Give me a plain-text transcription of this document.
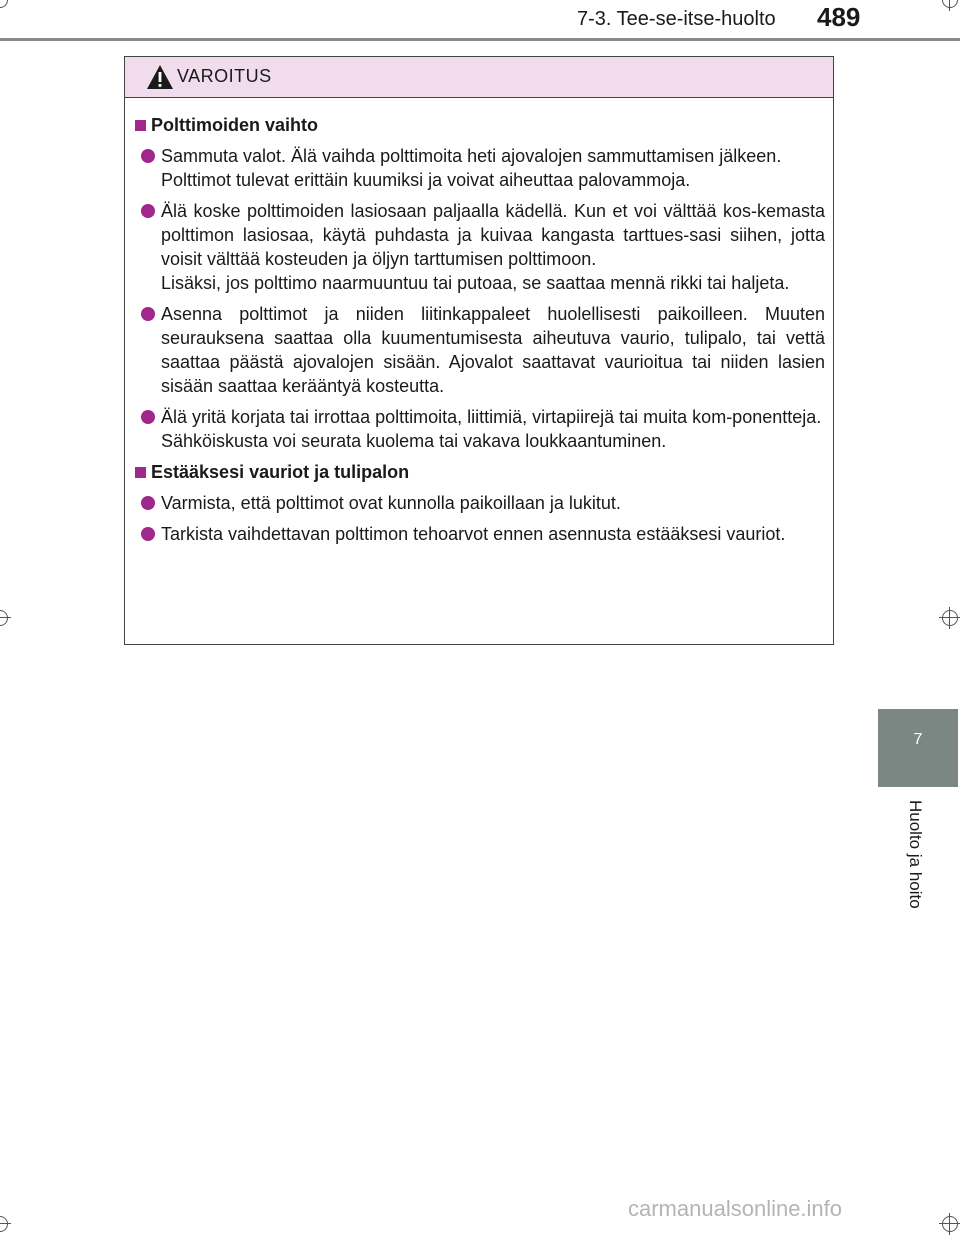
7-3. Tee-se-itse-huolto 489
VAROITUS
Polttimoiden vaihto

Sammuta valot. Älä vaihda polttimoita heti ajovalojen sammuttamisen jälkeen.

Polttimot tulevat erittäin kuumiksi ja voivat aiheuttaa palovammoja.

Älä koske polttimoiden lasiosaan paljaalla kädellä. Kun et voi välttää kos-kemasta polttimon lasiosaa, käytä puhdasta ja kuivaa kangasta tarttues-sasi siihen, jotta voisit välttää kosteuden ja öljyn tarttumisen polttimoon.

Lisäksi, jos polttimo naarmuuntuu tai putoaa, se saattaa mennä rikki tai haljeta.

Asenna polttimot ja niiden liitinkappaleet huolellisesti paikoilleen. Muuten seurauksena saattaa olla kuumentumisesta aiheutuva vaurio, tulipalo, tai vettä saattaa päästä ajovalojen sisään. Ajovalot saattavat vaurioitua tai niiden lasien sisään saattaa kerääntyä kosteutta.

Älä yritä korjata tai irrottaa polttimoita, liittimiä, virtapiirejä tai muita kom-ponentteja.

Sähköiskusta voi seurata kuolema tai vakava loukkaantuminen.

Estääksesi vauriot ja tulipalon

Varmista, että polttimot ovat kunnolla paikoillaan ja lukitut.

Tarkista vaihdettavan polttimon tehoarvot ennen asennusta estääksesi vauriot.

7
Huolto ja hoito
carmanualsonline.info
